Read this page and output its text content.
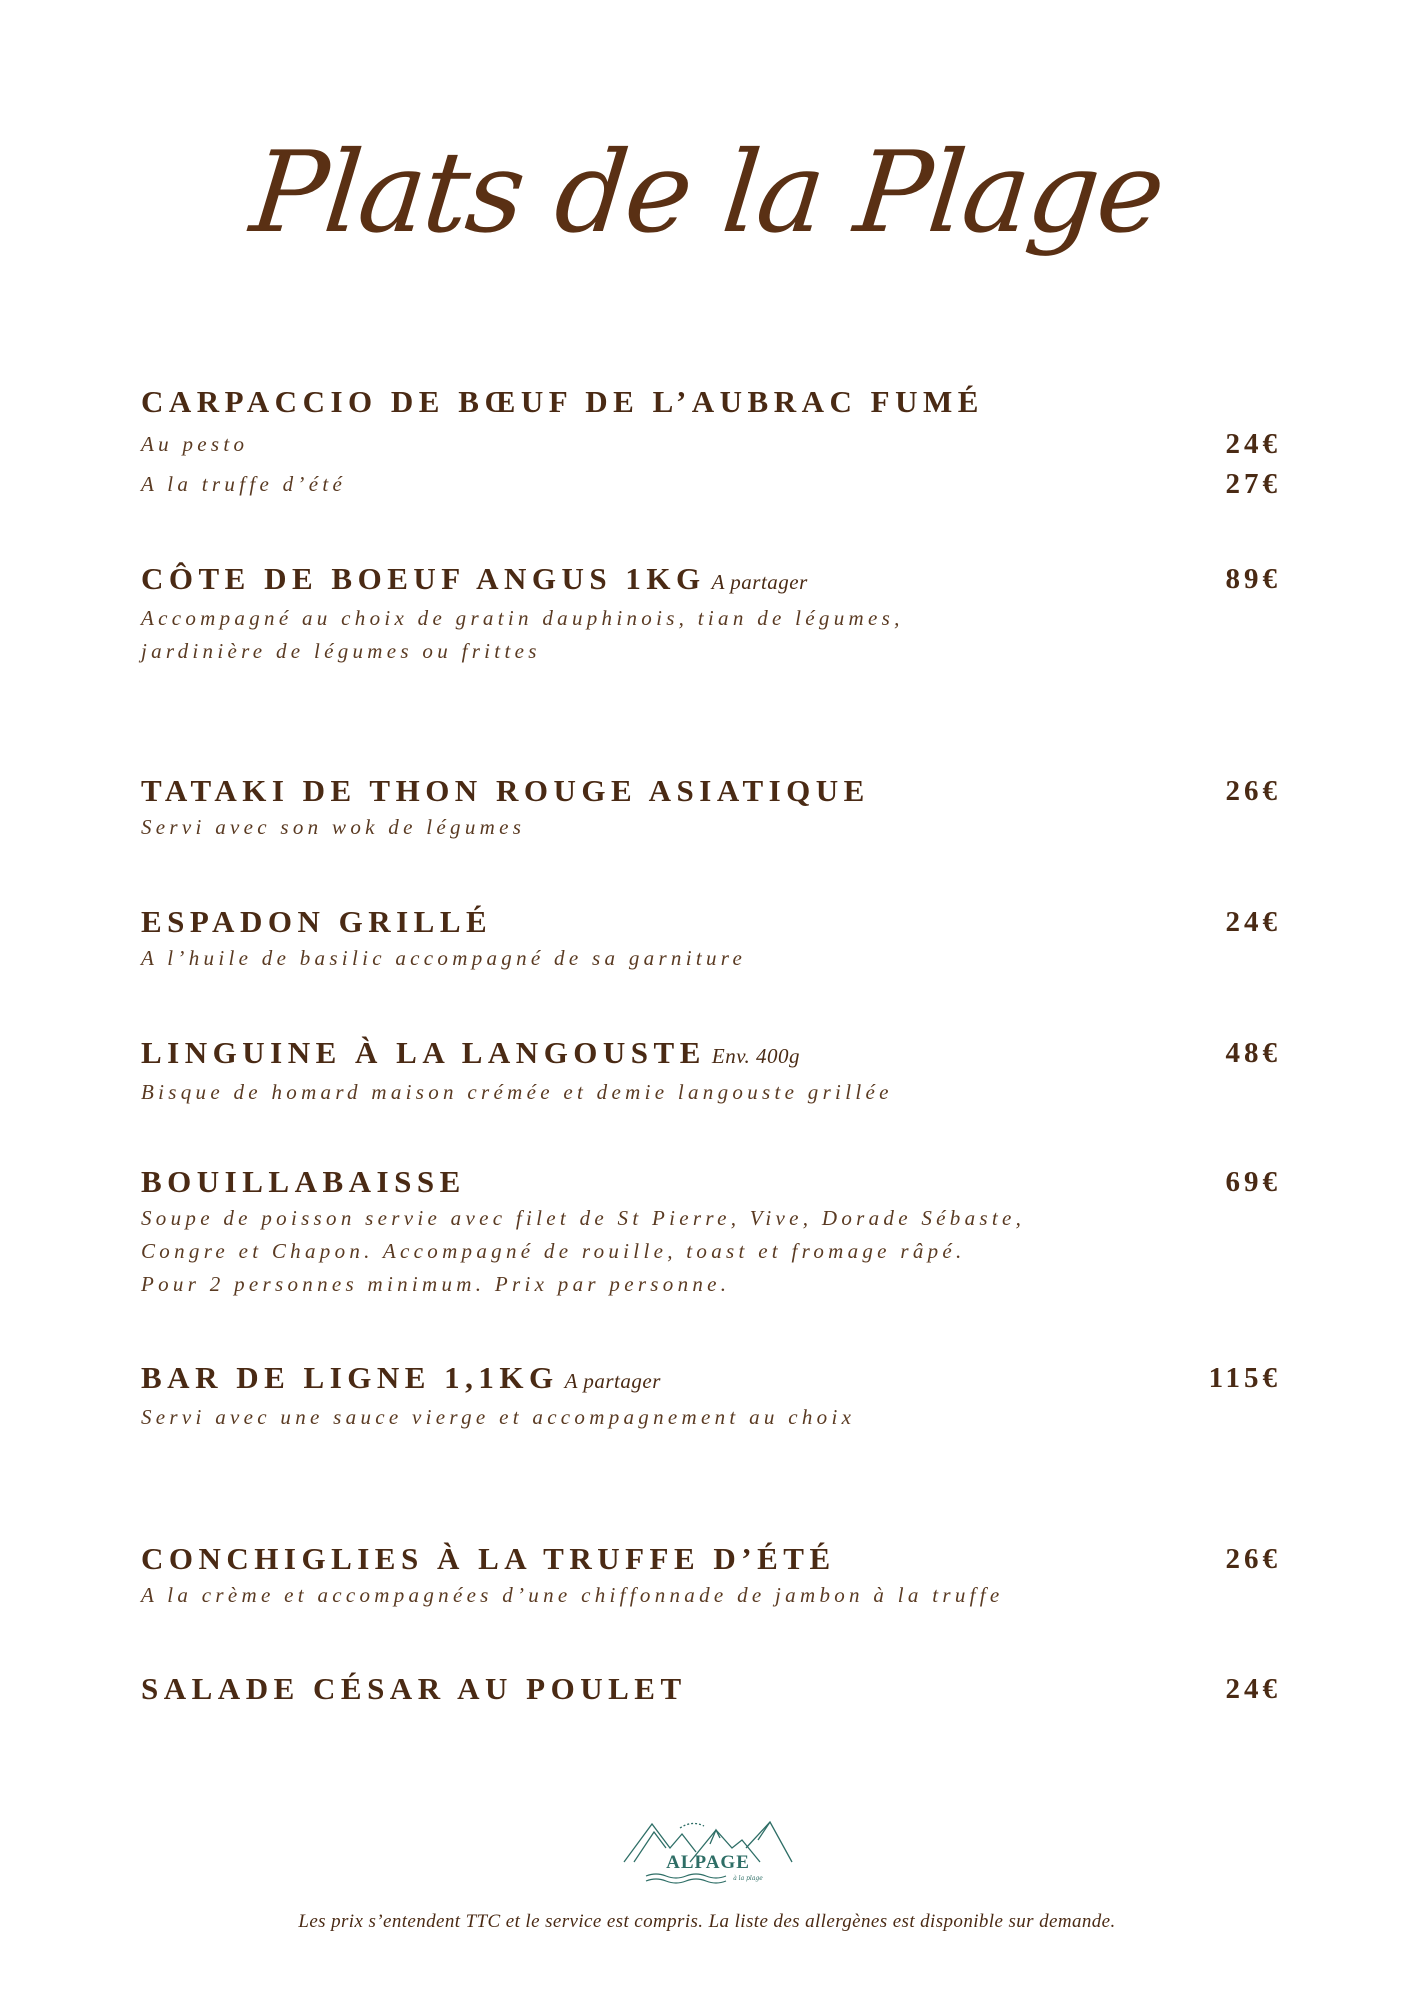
Plats de la Plage
CARPACCIO DE BŒUF DE L’AUBRAC FUMÉ
Au pesto	24€
A la truffe d’été	27€
CÔTE DE BOEUF ANGUS 1KG A partager	89€
Accompagné au choix de gratin dauphinois, tian de légumes,
jardinière de légumes ou frittes
TATAKI DE THON ROUGE ASIATIQUE	26€
Servi avec son wok de légumes
ESPADON GRILLÉ	24€
A l’huile de basilic accompagné de sa garniture
LINGUINE À LA LANGOUSTE Env. 400g	48€
Bisque de homard maison crémée et demie langouste grillée
BOUILLABAISSE	69€
Soupe de poisson servie avec filet de St Pierre, Vive, Dorade Sébaste,
Congre et Chapon. Accompagné de rouille, toast et fromage râpé.
Pour 2 personnes minimum. Prix par personne.
BAR DE LIGNE 1,1KG A partager	115€
Servi avec une sauce vierge et accompagnement au choix
CONCHIGLIES À LA TRUFFE D’ÉTÉ	26€
A la crème et accompagnées d’une chiffonnade de jambon à la truffe
SALADE CÉSAR AU POULET	24€
ALPAGE
à la plage
Les prix s’entendent TTC et le service est compris. La liste des allergènes est disponible sur demande.
